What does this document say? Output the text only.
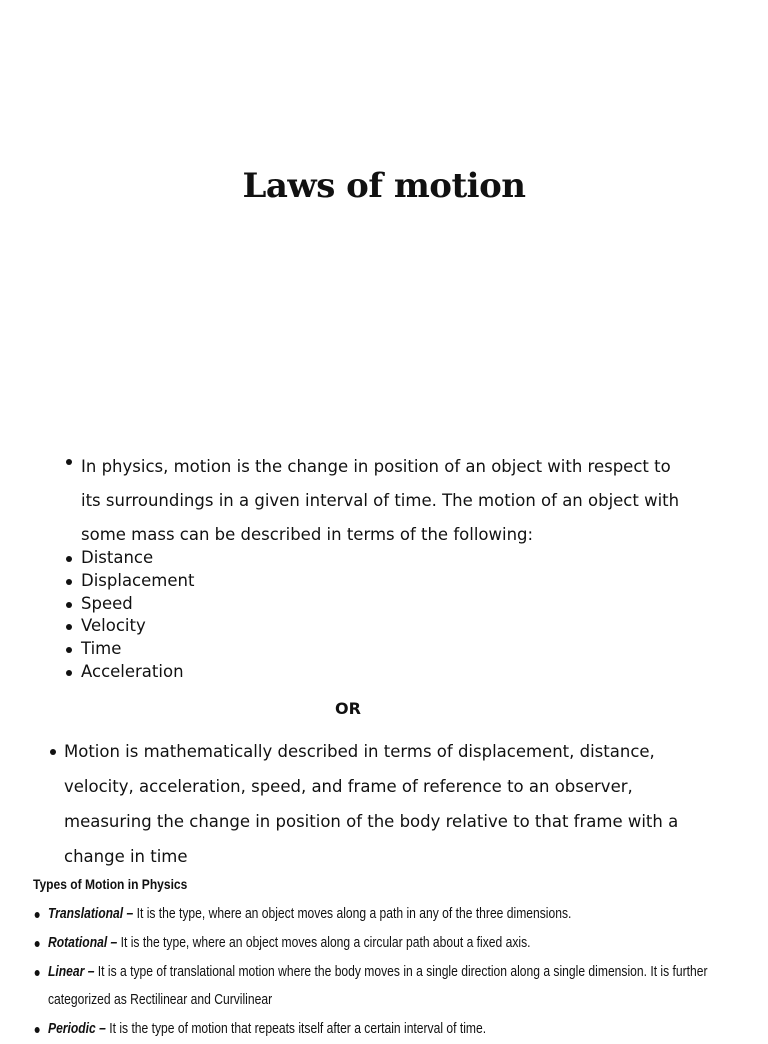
Laws of motion
In physics, motion is the change in position of an object with respect to its surroundings in a given interval of time. The motion of an object with some mass can be described in terms of the following:
Distance
Displacement
Speed
Velocity
Time
Acceleration
OR
Motion is mathematically described in terms of displacement, distance, velocity, acceleration, speed, and frame of reference to an observer, measuring the change in position of the body relative to that frame with a change in time
Types of Motion in Physics
Translational – It is the type, where an object moves along a path in any of the three dimensions.
Rotational – It is the type, where an object moves along a circular path about a fixed axis.
Linear – It is a type of translational motion where the body moves in a single direction along a single dimension. It is further categorized as Rectilinear and Curvilinear
Periodic – It is the type of motion that repeats itself after a certain interval of time.
